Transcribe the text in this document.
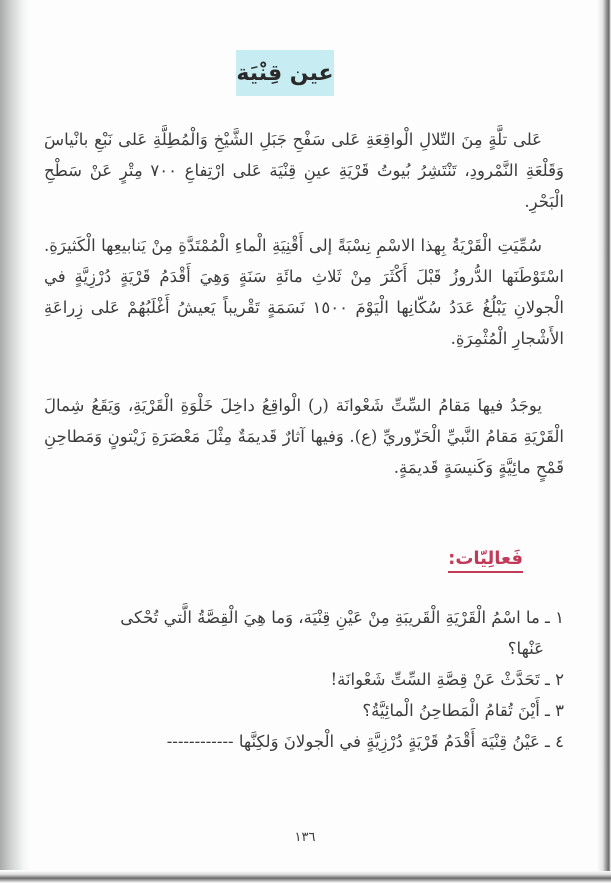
عين قِنْيَة

عَلى تلَّةٍ مِنَ التّلالِ الْواقِعَةِ عَلى سَفْحِ جَبَلِ الشَّيْخِ وَالْمُطِلَّةِ عَلى نَبْعِ بانْياسَ وَقَلْعَةِ النَّمْرودِ، تَنْتَشِرُ بُيوتُ قَرْيَةِ عينِ قِنْيَة عَلى ارْتِفاعِ ٧٠٠ مِتْرٍ عَنْ سَطْحِ الْبَحْرِ.

سُمِّيَتِ الْقَرْيَةُ بِهذا الاسْمِ نِسْبَةً إلى أَقْنِيَةِ الْماءِ الْمُمْتَدَّةِ مِنْ يَنابيعِها الْكَثيرَةِ. اسْتَوْطَنَها الدُّروزُ قَبْلَ أَكْثَرَ مِنْ ثَلاثِ مائَةِ سَنَةٍ وَهِيَ أَقْدَمُ قَرْيَةٍ دُرْزِيَّةٍ في الْجولانِ يَبْلُغُ عَدَدُ سُكّانِها الْيَوْمَ ١٥٠٠ نَسَمَةٍ تَقْريباً يَعيشُ أَغْلَبُهُمْ عَلى زِراعَةِ الأَشْجارِ الْمُثْمِرَةِ.

يوجَدُ فيها مَقامُ السِّتِّ شَعْوانَة (ر) الْواقِعُ داخِلَ خَلْوَةِ الْقَرْيَةِ، وَيَقَعُ شِمالَ الْقَرْيَةِ مَقامُ النَّبيِّ الْحَزّوريِّ (ع). وَفيها آثارٌ قَديمَةٌ مِثْلَ مَعْصَرَةِ زَيْتونٍ وَمَطاحِنِ قَمْحٍ مائِيَّةٍ وَكَنيسَةٍ قَديمَةٍ.

فَعالِيّات:

١ ـ ما اسْمُ الْقَرْيَةِ الْقَريبَةِ مِنْ عَيْنِ قِنْيَة، وَما هِيَ الْقِصَّةُ الَّتي تُحْكى

عَنْها؟

٢ ـ تَحَدَّثْ عَنْ قِصَّةِ السِّتِّ شَعْوانَة!

٣ ـ أَيْنَ تُقامُ الْمَطاحِنُ الْمائِيَّةُ؟

٤ ـ عَيْنُ قِنْيَة أَقْدَمُ قَرْيَةٍ دُرْزِيَّةٍ في الْجولانَ وَلكِنَّها ------------

١٣٦
